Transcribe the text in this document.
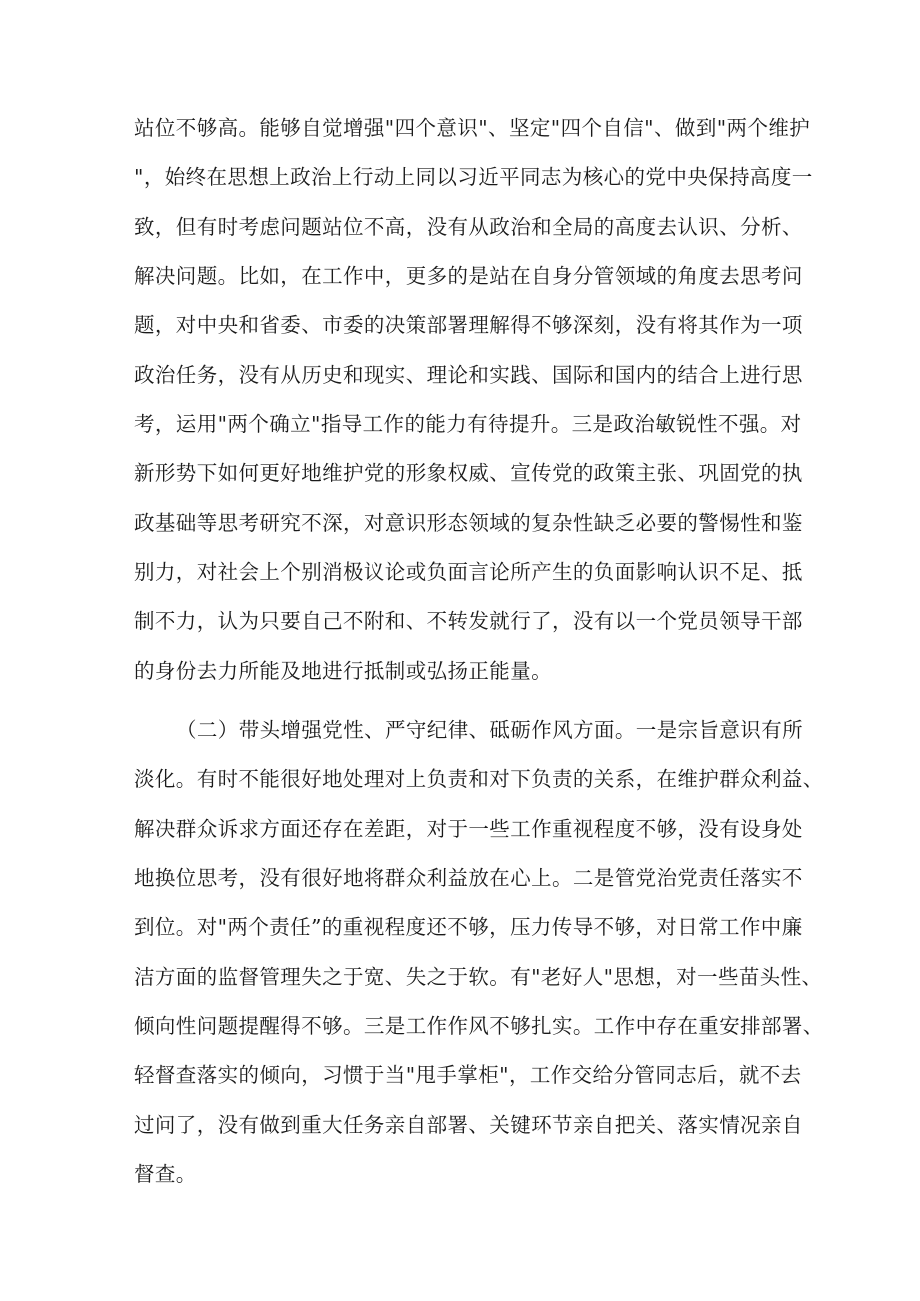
站位不够高。能够自觉增强"四个意识"、坚定"四个自信"、做到"两个维护
"，始终在思想上政治上行动上同以习近平同志为核心的党中央保持高度一
致，但有时考虑问题站位不高，没有从政治和全局的高度去认识、分析、
解决问题。比如，在工作中，更多的是站在自身分管领域的角度去思考问
题，对中央和省委、市委的决策部署理解得不够深刻，没有将其作为一项
政治任务，没有从历史和现实、理论和实践、国际和国内的结合上进行思
考，运用"两个确立"指导工作的能力有待提升。三是政治敏锐性不强。对
新形势下如何更好地维护党的形象权威、宣传党的政策主张、巩固党的执
政基础等思考研究不深，对意识形态领域的复杂性缺乏必要的警惕性和鉴
别力，对社会上个别消极议论或负面言论所产生的负面影响认识不足、抵
制不力，认为只要自己不附和、不转发就行了，没有以一个党员领导干部
的身份去力所能及地进行抵制或弘扬正能量。
（二）带头增强党性、严守纪律、砥砺作风方面。一是宗旨意识有所
淡化。有时不能很好地处理对上负责和对下负责的关系，在维护群众利益、
解决群众诉求方面还存在差距，对于一些工作重视程度不够，没有设身处
地换位思考，没有很好地将群众利益放在心上。二是管党治党责任落实不
到位。对"两个责任”的重视程度还不够，压力传导不够，对日常工作中廉
洁方面的监督管理失之于宽、失之于软。有"老好人"思想，对一些苗头性、
倾向性问题提醒得不够。三是工作作风不够扎实。工作中存在重安排部署、
轻督查落实的倾向，习惯于当"甩手掌柜"，工作交给分管同志后，就不去
过问了，没有做到重大任务亲自部署、关键环节亲自把关、落实情况亲自
督查。
